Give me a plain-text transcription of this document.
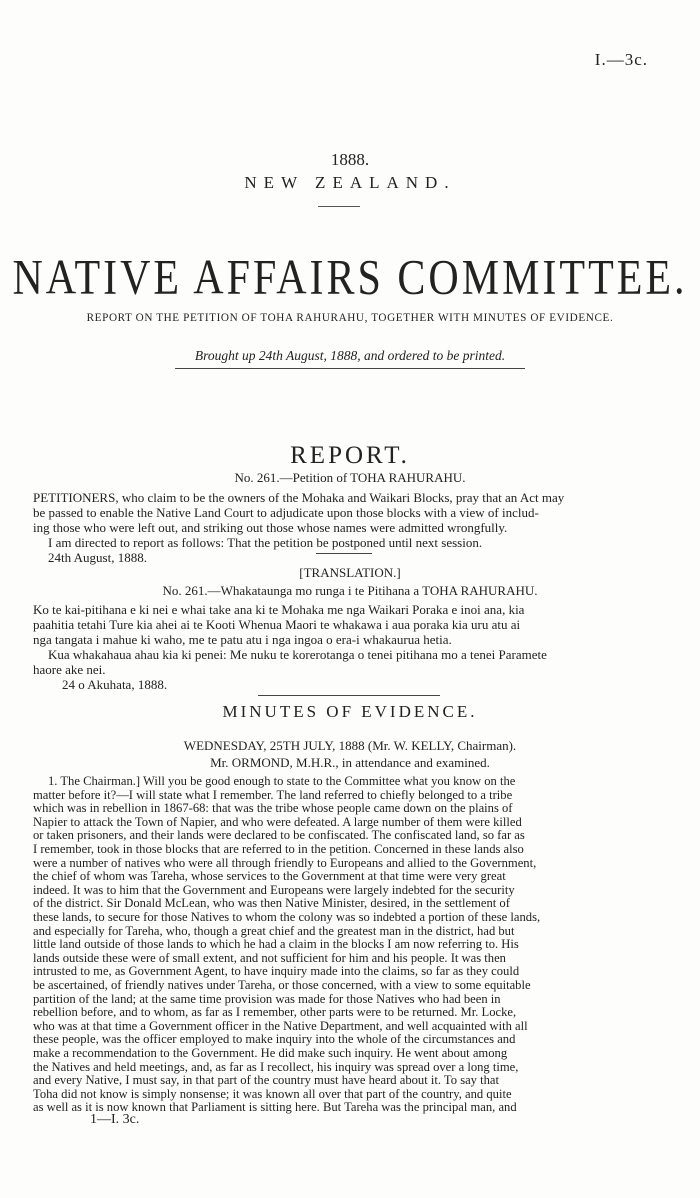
I.—3c.
1888.
NEW ZEALAND.
NATIVE AFFAIRS COMMITTEE.
REPORT ON THE PETITION OF TOHA RAHURAHU, TOGETHER WITH MINUTES OF EVIDENCE.
Brought up 24th August, 1888, and ordered to be printed.
REPORT.
No. 261.—Petition of TOHA RAHURAHU.
PETITIONERS, who claim to be the owners of the Mohaka and Waikari Blocks, pray that an Act may
be passed to enable the Native Land Court to adjudicate upon those blocks with a view of includ-
ing those who were left out, and striking out those whose names were admitted wrongfully.
I am directed to report as follows: That the petition be postponed until next session.
24th August, 1888.
[TRANSLATION.]
No. 261.—Whakataunga mo runga i te Pitihana a TOHA RAHURAHU.
Ko te kai-pitihana e ki nei e whai take ana ki te Mohaka me nga Waikari Poraka e inoi ana, kia
paahitia tetahi Ture kia ahei ai te Kooti Whenua Maori te whakawa i aua poraka kia uru atu ai
nga tangata i mahue ki waho, me te patu atu i nga ingoa o era-i whakaurua hetia.
Kua whakahaua ahau kia ki penei: Me nuku te korerotanga o tenei pitihana mo a tenei Paramete
haore ake nei.
24 o Akuhata, 1888.
MINUTES OF EVIDENCE.
WEDNESDAY, 25TH JULY, 1888 (Mr. W. KELLY, Chairman).
Mr. ORMOND, M.H.R., in attendance and examined.
1. The Chairman.] Will you be good enough to state to the Committee what you know on the
matter before it?—I will state what I remember. The land referred to chiefly belonged to a tribe
which was in rebellion in 1867-68: that was the tribe whose people came down on the plains of
Napier to attack the Town of Napier, and who were defeated. A large number of them were killed
or taken prisoners, and their lands were declared to be confiscated. The confiscated land, so far as
I remember, took in those blocks that are referred to in the petition. Concerned in these lands also
were a number of natives who were all through friendly to Europeans and allied to the Government,
the chief of whom was Tareha, whose services to the Government at that time were very great
indeed. It was to him that the Government and Europeans were largely indebted for the security
of the district. Sir Donald McLean, who was then Native Minister, desired, in the settlement of
these lands, to secure for those Natives to whom the colony was so indebted a portion of these lands,
and especially for Tareha, who, though a great chief and the greatest man in the district, had but
little land outside of those lands to which he had a claim in the blocks I am now referring to. His
lands outside these were of small extent, and not sufficient for him and his people. It was then
intrusted to me, as Government Agent, to have inquiry made into the claims, so far as they could
be ascertained, of friendly natives under Tareha, or those concerned, with a view to some equitable
partition of the land; at the same time provision was made for those Natives who had been in
rebellion before, and to whom, as far as I remember, other parts were to be returned. Mr. Locke,
who was at that time a Government officer in the Native Department, and well acquainted with all
these people, was the officer employed to make inquiry into the whole of the circumstances and
make a recommendation to the Government. He did make such inquiry. He went about among
the Natives and held meetings, and, as far as I recollect, his inquiry was spread over a long time,
and every Native, I must say, in that part of the country must have heard about it. To say that
Toha did not know is simply nonsense; it was known all over that part of the country, and quite
as well as it is now known that Parliament is sitting here. But Tareha was the principal man, and
1—I. 3c.
